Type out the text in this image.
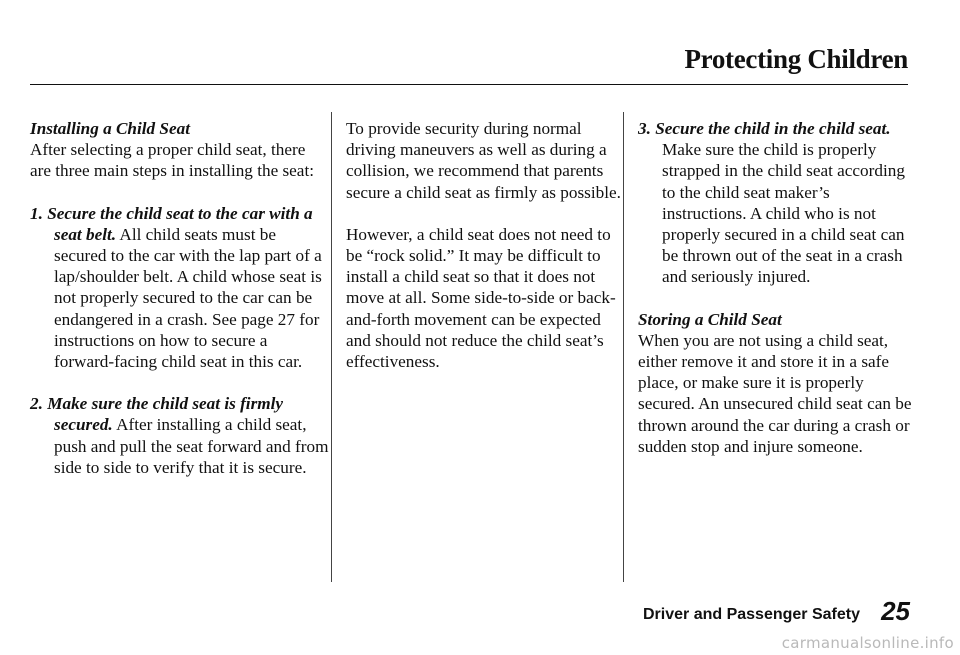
Protecting Children

Installing a Child Seat

After selecting a proper child seat, there are three main steps in installing the seat:

1. Secure the child seat to the car with a seat belt. All child seats must be secured to the car with the lap part of a lap/shoulder belt. A child whose seat is not properly secured to the car can be endangered in a crash. See page 27 for instructions on how to secure a forward-facing child seat in this car.

2. Make sure the child seat is firmly secured. After installing a child seat, push and pull the seat forward and from side to side to verify that it is secure.

To provide security during normal driving maneuvers as well as during a collision, we recommend that parents secure a child seat as firmly as possible.

However, a child seat does not need to be “rock solid.” It may be difficult to install a child seat so that it does not move at all. Some side-to-side or back-and-forth movement can be expected and should not reduce the child seat’s effectiveness.

3. Secure the child in the child seat.
Make sure the child is properly strapped in the child seat according to the child seat maker’s instructions. A child who is not properly secured in a child seat can be thrown out of the seat in a crash and seriously injured.

Storing a Child Seat

When you are not using a child seat, either remove it and store it in a safe place, or make sure it is properly secured. An unsecured child seat can be thrown around the car during a crash or sudden stop and injure someone.

Driver and Passenger Safety 25
carmanualsonline.info
